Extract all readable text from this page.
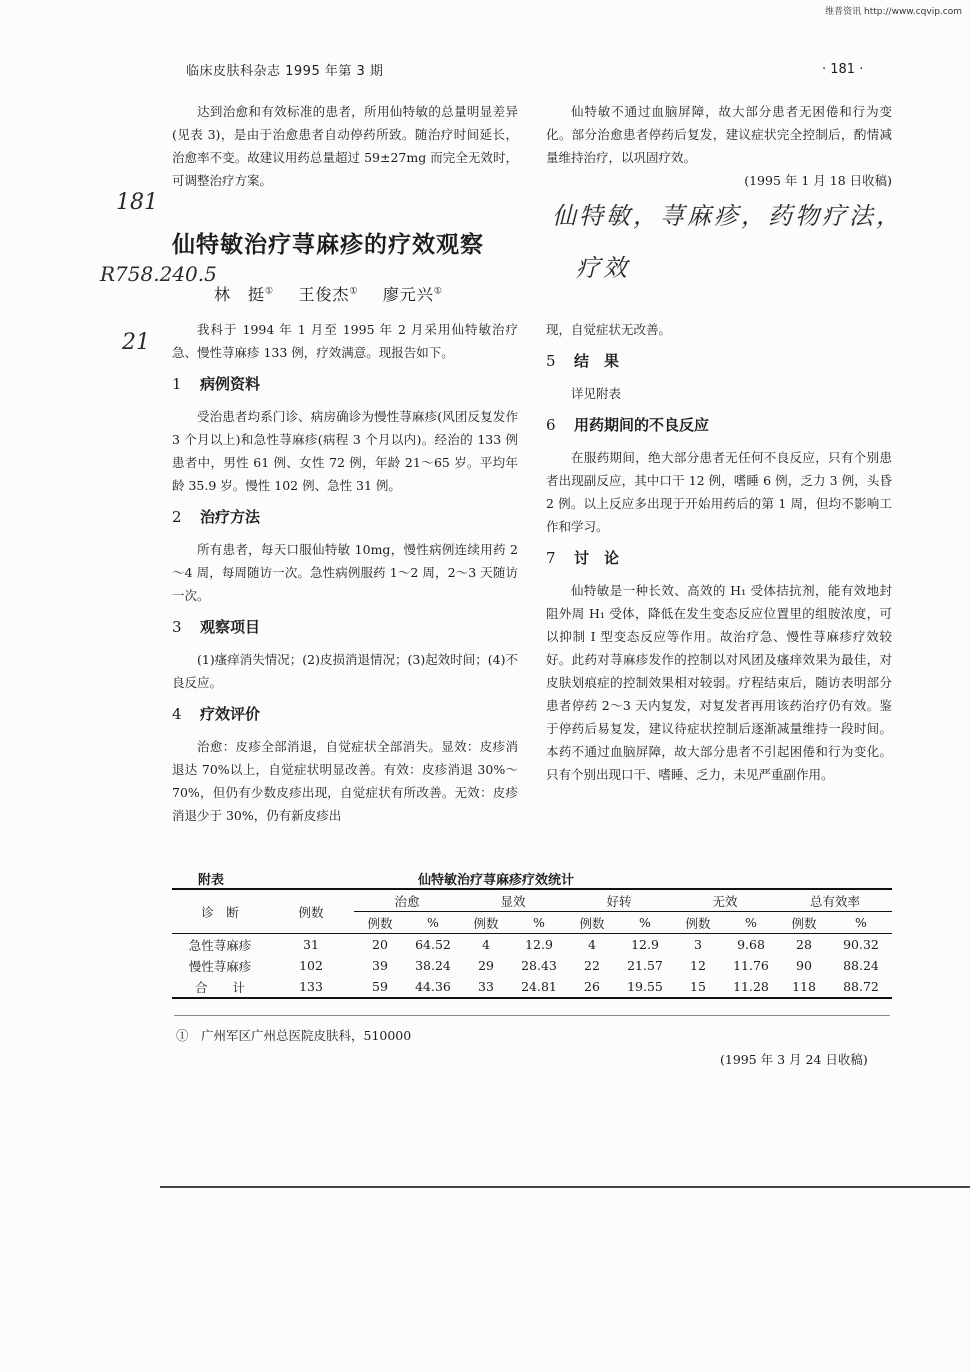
维普资讯 http://www.cqvip.com
临床皮肤科杂志 1995 年第 3 期	· 181 ·
181
R758.240.5
21
仙特敏，荨麻疹，药物疗法，
疗效

达到治愈和有效标准的患者，所用仙特敏的总量明显差异(见表 3)，是由于治愈患者自动停药所致。随治疗时间延长，治愈率不变。故建议用药总量超过 59±27mg 而完全无效时，可调整治疗方案。

仙特敏不通过血脑屏障，故大部分患者无困倦和行为变化。部分治愈患者停药后复发，建议症状完全控制后，酌情减量维持治疗，以巩固疗效。

(1995 年 1 月 18 日收稿)
仙特敏治疗荨麻疹的疗效观察
林　挺① 王俊杰① 廖元兴①

我科于 1994 年 1 月至 1995 年 2 月采用仙特敏治疗急、慢性荨麻疹 133 例，疗效满意。现报告如下。

1 病例资料

受治患者均系门诊、病房确诊为慢性荨麻疹(风团反复发作 3 个月以上)和急性荨麻疹(病程 3 个月以内)。经治的 133 例患者中，男性 61 例、女性 72 例，年龄 21～65 岁。平均年龄 35.9 岁。慢性 102 例、急性 31 例。

2 治疗方法

所有患者，每天口服仙特敏 10mg，慢性病例连续用药 2～4 周，每周随访一次。急性病例服药 1～2 周，2～3 天随访一次。

3 观察项目

(1)瘙痒消失情况；(2)皮损消退情况；(3)起效时间；(4)不良反应。

4 疗效评价

治愈：皮疹全部消退，自觉症状全部消失。显效：皮疹消退达 70%以上，自觉症状明显改善。有效：皮疹消退 30%～70%，但仍有少数皮疹出现，自觉症状有所改善。无效：皮疹消退少于 30%，仍有新皮疹出

现，自觉症状无改善。

5 结　果

详见附表

6 用药期间的不良反应

在服药期间，绝大部分患者无任何不良反应，只有个别患者出现副反应，其中口干 12 例，嗜睡 6 例，乏力 3 例，头昏 2 例。以上反应多出现于开始用药后的第 1 周，但均不影响工作和学习。

7 讨　论

仙特敏是一种长效、高效的 H₁ 受体拮抗剂，能有效地封阻外周 H₁ 受体，降低在发生变态反应位置里的组胺浓度，可以抑制 I 型变态反应等作用。故治疗急、慢性荨麻疹疗效较好。此药对荨麻疹发作的控制以对风团及瘙痒效果为最佳，对皮肤划痕症的控制效果相对较弱。疗程结束后，随访表明部分患者停药 2～3 天内复发，对复发者再用该药治疗仍有效。鉴于停药后易复发，建议待症状控制后逐渐减量维持一段时间。本药不通过血脑屏障，故大部分患者不引起困倦和行为变化。只有个别出现口干、嗜睡、乏力，未见严重副作用。

附表	仙特敏治疗荨麻疹疗效统计
诊　断	例数	治愈		显效		好转		无效		总有效率	
		例数	%	例数	%	例数	%	例数	%	例数	%
急性荨麻疹	31	20	64.52	4	12.9	4	12.9	3	9.68	28	90.32
慢性荨麻疹	102	39	38.24	29	28.43	22	21.57	12	11.76	90	88.24
合　　计	133	59	44.36	33	24.81	26	19.55	15	11.28	118	88.72
①　广州军区广州总医院皮肤科，510000
(1995 年 3 月 24 日收稿)
